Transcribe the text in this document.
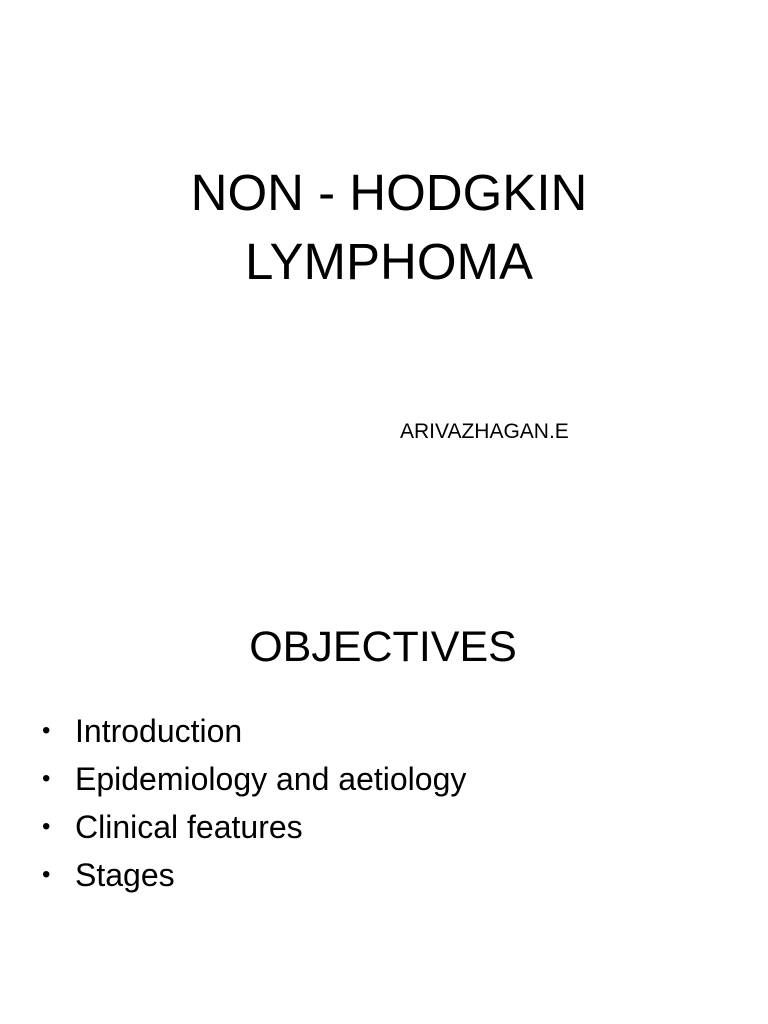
NON - HODGKIN
LYMPHOMA
ARIVAZHAGAN.E
OBJECTIVES
• Introduction
• Epidemiology and aetiology
• Clinical features
• Stages
